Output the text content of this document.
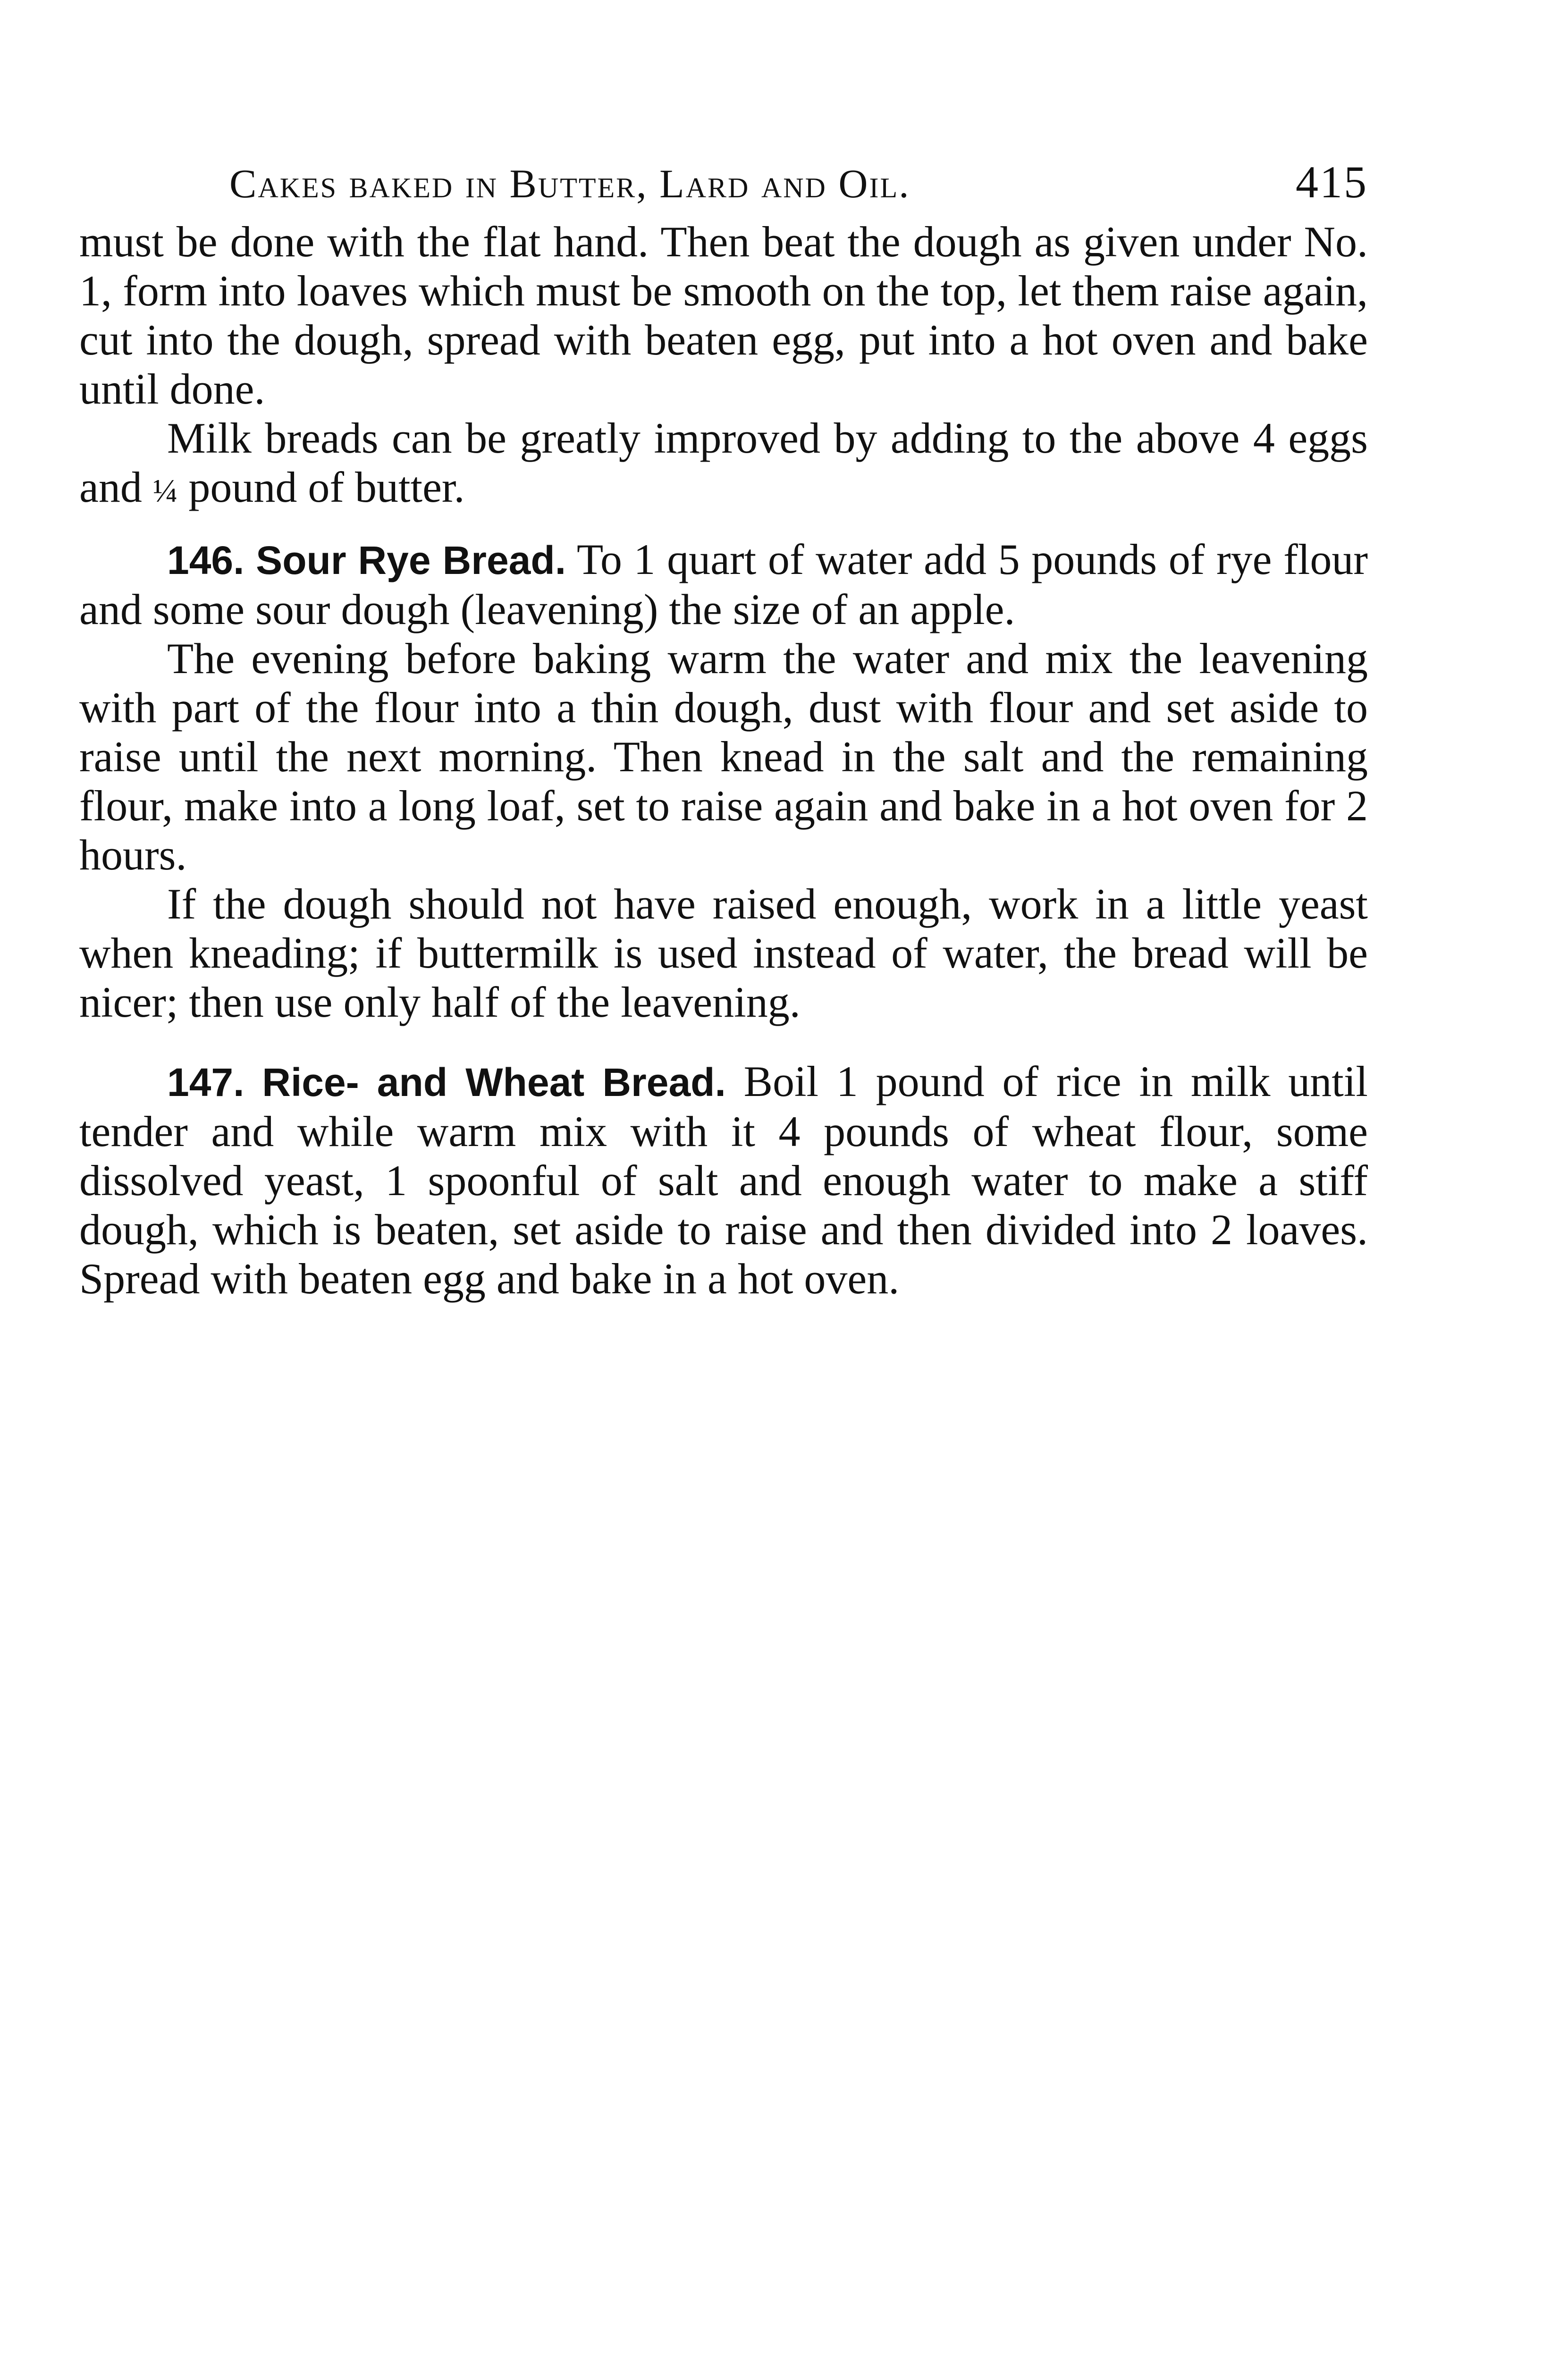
Cakes baked in Butter, Lard and Oil.	415

must be done with the flat hand. Then beat the dough as given under No. 1, form into loaves which must be smooth on the top, let them raise again, cut into the dough, spread with beaten egg, put into a hot oven and bake until done.

Milk breads can be greatly improved by adding to the above 4 eggs and ¼ pound of butter.

146. Sour Rye Bread. To 1 quart of water add 5 pounds of rye flour and some sour dough (leavening) the size of an apple.

The evening before baking warm the water and mix the leavening with part of the flour into a thin dough, dust with flour and set aside to raise until the next morning. Then knead in the salt and the remaining flour, make into a long loaf, set to raise again and bake in a hot oven for 2 hours.

If the dough should not have raised enough, work in a little yeast when kneading; if buttermilk is used instead of water, the bread will be nicer; then use only half of the leavening.

147. Rice- and Wheat Bread. Boil 1 pound of rice in milk until tender and while warm mix with it 4 pounds of wheat flour, some dissolved yeast, 1 spoonful of salt and enough water to make a stiff dough, which is beaten, set aside to raise and then divided into 2 loaves. Spread with beaten egg and bake in a hot oven.
